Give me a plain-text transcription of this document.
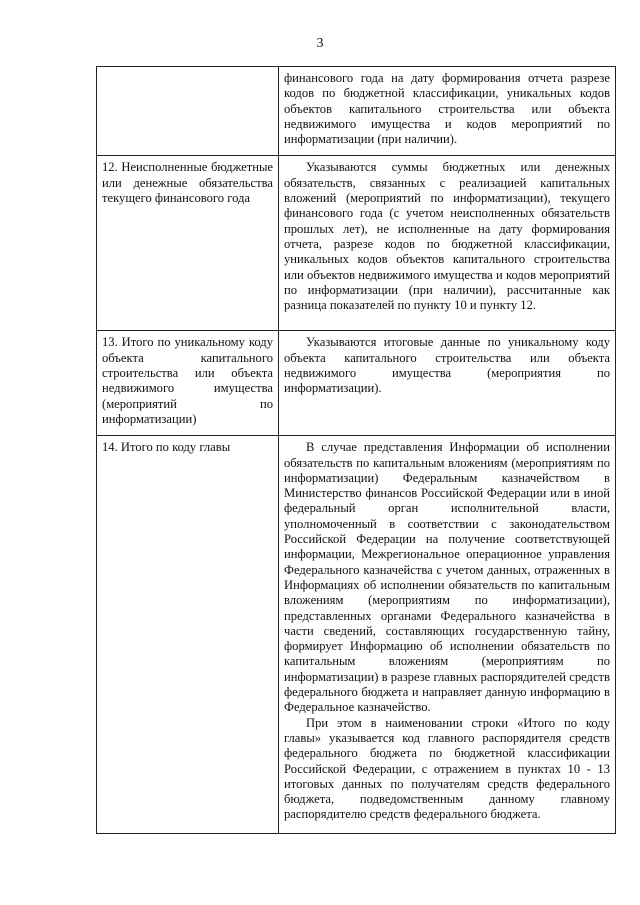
3

	финансового года на дату формирования отчета разрезе кодов по бюджетной классификации, уникальных кодов объектов капитального строительства или объекта недвижимого имущества и кодов мероприятий по информатизации (при наличии).

12. Неисполненные бюджетные или денежные обязательства текущего финансового года	Указываются суммы бюджетных или денежных обязательств, связанных с реализацией капитальных вложений (мероприятий по информатизации), текущего финансового года (с учетом неисполненных обязательств прошлых лет), не исполненные на дату формирования отчета, разрезе кодов по бюджетной классификации, уникальных кодов объектов капитального строительства или объектов недвижимого имущества и кодов мероприятий по информатизации (при наличии), рассчитанные как разница показателей по пункту 10 и пункту 12.

13. Итого по уникальному коду объекта капитального строительства или объекта недвижимого имущества (мероприятий по информатизации)	Указываются итоговые данные по уникальному коду объекта капитального строительства или объекта недвижимого имущества (мероприятия по информатизации).

14. Итого по коду главы	В случае представления Информации об исполнении обязательств по капитальным вложениям (мероприятиям по информатизации) Федеральным казначейством в Министерство финансов Российской Федерации или в иной федеральный орган исполнительной власти, уполномоченный в соответствии с законодательством Российской Федерации на получение соответствующей информации, Межрегиональное операционное управления Федерального казначейства с учетом данных, отраженных в Информациях об исполнении обязательств по капитальным вложениям (мероприятиям по информатизации), представленных органами Федерального казначейства в части сведений, составляющих государственную тайну, формирует Информацию об исполнении обязательств по капитальным вложениям (мероприятиям по информатизации) в разрезе главных распорядителей средств федерального бюджета и направляет данную информацию в Федеральное казначейство.

При этом в наименовании строки «Итого по коду главы» указывается код главного распорядителя средств федерального бюджета по бюджетной классификации Российской Федерации, с отражением в пунктах 10 - 13 итоговых данных по получателям средств федерального бюджета, подведомственным данному главному распорядителю средств федерального бюджета.
